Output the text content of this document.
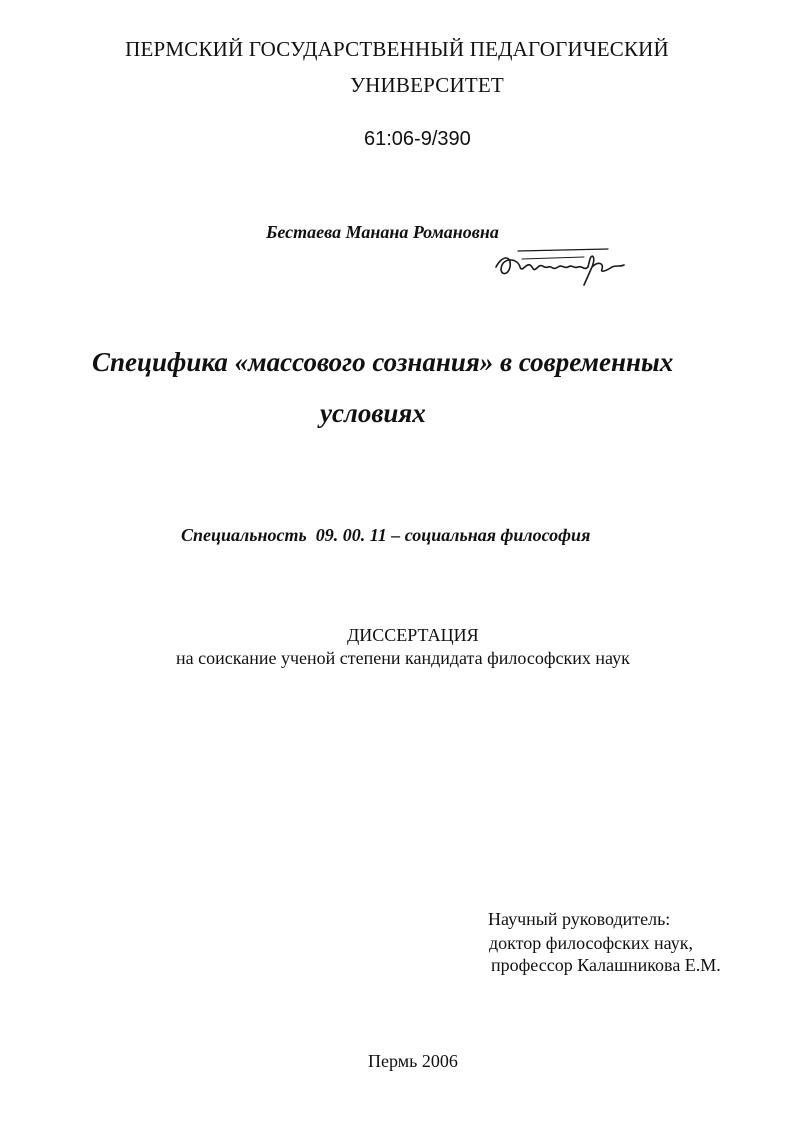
ПЕРМСКИЙ ГОСУДАРСТВЕННЫЙ ПЕДАГОГИЧЕСКИЙ
УНИВЕРСИТЕТ
61:06-9/390
Бестаева Манана Романовна
Специфика «массового сознания» в современных
условиях
Специальность  09. 00. 11 – социальная философия
ДИССЕРТАЦИЯ
на соискание ученой степени кандидата философских наук
Научный руководитель:
доктор философских наук,
профессор Калашникова Е.М.
Пермь 2006
